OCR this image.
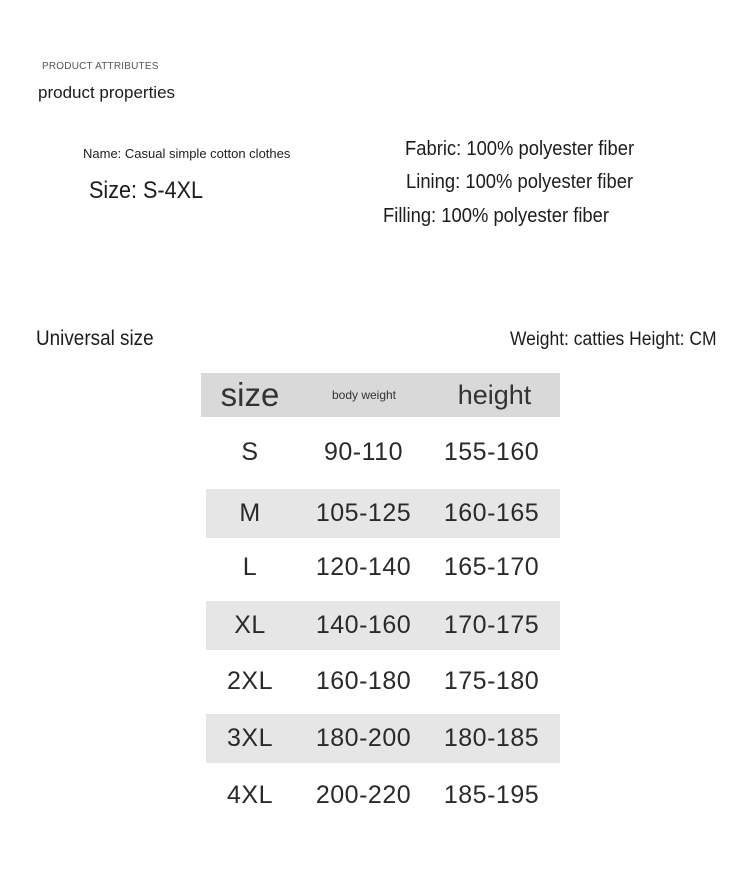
PRODUCT ATTRIBUTES
product properties
Name: Casual simple cotton clothes
Size: S-4XL
Fabric: 100% polyester fiber
Lining: 100% polyester fiber
Filling: 100% polyester fiber
Universal size	Weight: catties Height: CM
size	body weight	height
S	90-110	155-160
M	105-125	160-165
L	120-140	165-170
XL	140-160	170-175
2XL	160-180	175-180
3XL	180-200	180-185
4XL	200-220	185-195
